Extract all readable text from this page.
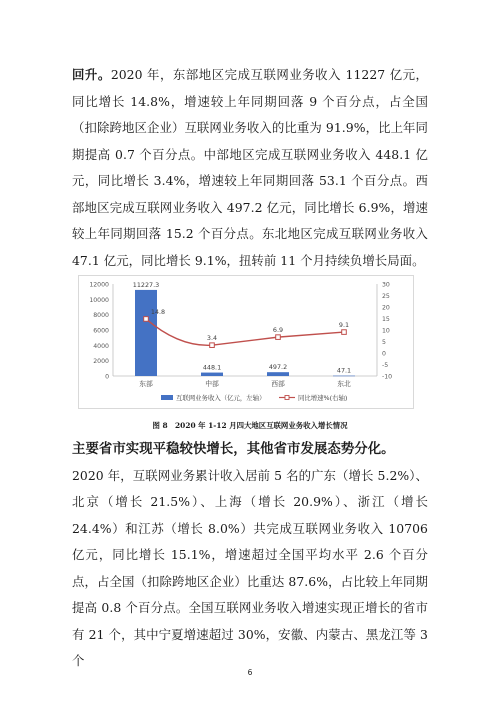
回升。2020 年，东部地区完成互联网业务收入 11227 亿元，同比增长 14.8%，增速较上年同期回落 9 个百分点，占全国（扣除跨地区企业）互联网业务收入的比重为 91.9%，比上年同期提高 0.7 个百分点。中部地区完成互联网业务收入 448.1 亿元，同比增长 3.4%，增速较上年同期回落 53.1 个百分点。西部地区完成互联网业务收入 497.2 亿元，同比增长 6.9%，增速较上年同期回落 15.2 个百分点。东北地区完成互联网业务收入 47.1 亿元，同比增长 9.1%，扭转前 11 个月持续负增长局面。

0
2000
4000
6000
8000
10000
12000
-10
-5
0
5
10
15
20
25
30
东部	中部	西部	东北
11227.3
448.1	497.2	47.1
14.8
3.4
6.9
9.1
互联网业务收入（亿元，左轴）	同比增速%(右轴)
图 8　2020 年 1-12 月四大地区互联网业务收入增长情况

主要省市实现平稳较快增长，其他省市发展态势分化。
2020 年，互联网业务累计收入居前 5 名的广东（增长 5.2%）、北京（增长 21.5%）、上海（增长 20.9%）、浙江（增长 24.4%）和江苏（增长 8.0%）共完成互联网业务收入 10706 亿元，同比增长 15.1%，增速超过全国平均水平 2.6 个百分点，占全国（扣除跨地区企业）比重达 87.6%，占比较上年同期提高 0.8 个百分点。全国互联网业务收入增速实现正增长的省市有 21 个，其中宁夏增速超过 30%，安徽、内蒙古、黑龙江等 3 个

6
